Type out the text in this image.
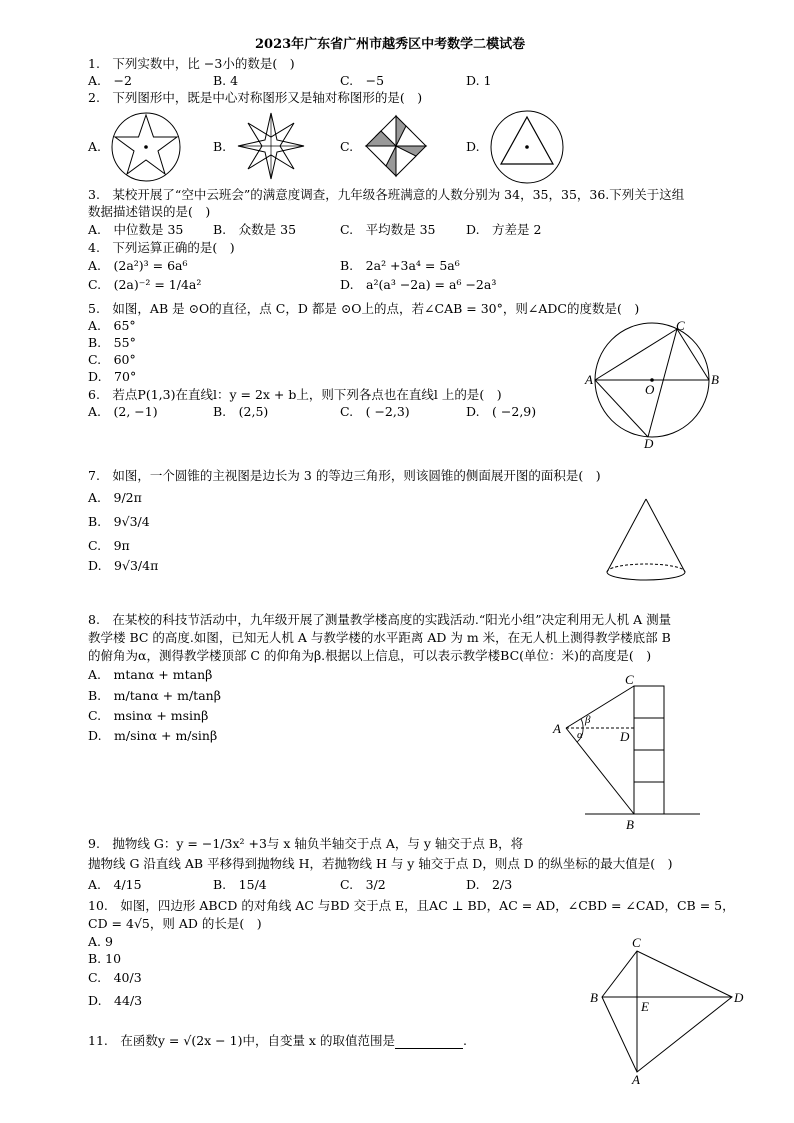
2023年广东省广州市越秀区中考数学二模试卷
1.　下列实数中，比 −3小的数是(　)
A.　−2	B. 4	C.　−5	D. 1
2.　下列图形中，既是中心对称图形又是轴对称图形的是(　)
A.	B.	C.	D.
3.　某校开展了“空中云班会”的满意度调查，九年级各班满意的人数分别为 34，35，35，36.下列关于这组
数据描述错误的是(　)
A.　中位数是 35 B.　众数是 35	C.　平均数是 35 D.　方差是 2
4.　下列运算正确的是(　)
A.　(2a²)³ = 6a⁶	B.　2a² +3a⁴ = 5a⁶
C.　(2a)⁻² = 1/4a²	D.　a²(a³ −2a) = a⁶ −2a³
5.　如图，AB 是 ⊙O的直径，点 C，D 都是 ⊙O上的点，若∠CAB = 30°，则∠ADC的度数是(　)
A.　65°
B.　55°
C.　60°
D.　70°	A	B
C
D
O
6.　若点P(1,3)在直线l：y = 2x + b上，则下列各点也在直线l 上的是(　)
A.　(2, −1)	B.　(2,5)	C.　( −2,3)	D.　( −2,9)
7.　如图，一个圆锥的主视图是边长为 3 的等边三角形，则该圆锥的侧面展开图的面积是(　)
A.　9/2π
B.　9√3/4
C.　9π
D.　9√3/4π
8.　在某校的科技节活动中，九年级开展了测量教学楼高度的实践活动.“阳光小组”决定利用无人机 A 测量
教学楼 BC 的高度.如图，已知无人机 A 与教学楼的水平距离 AD 为 m 米，在无人机上测得教学楼底部 B
的俯角为α，测得教学楼顶部 C 的仰角为β.根据以上信息，可以表示教学楼BC(单位：米)的高度是(　)
A.　mtanα + mtanβ
B.　m/tanα + m/tanβ
C.　msinα + msinβ
D.　m/sinα + m/sinβ	A
C
D
B
β
α
9.　抛物线 G：y = −1/3x² +3与 x 轴负半轴交于点 A，与 y 轴交于点 B，将
抛物线 G 沿直线 AB 平移得到抛物线 H，若抛物线 H 与 y 轴交于点 D，则点 D 的纵坐标的最大值是(　)
A.　4/15	B.　15/4	C.　3/2	D.　2/3
10.　如图，四边形 ABCD 的对角线 AC 与BD 交于点 E，且AC ⊥ BD，AC = AD，∠CBD = ∠CAD，CB = 5，
CD = 4√5，则 AD 的长是(　)
A. 9
B. 10
C.　40/3
D.　44/3
C
B	D
E
A
11.　在函数y = √(2x − 1)中，自变量 x 的取值范围是	.
